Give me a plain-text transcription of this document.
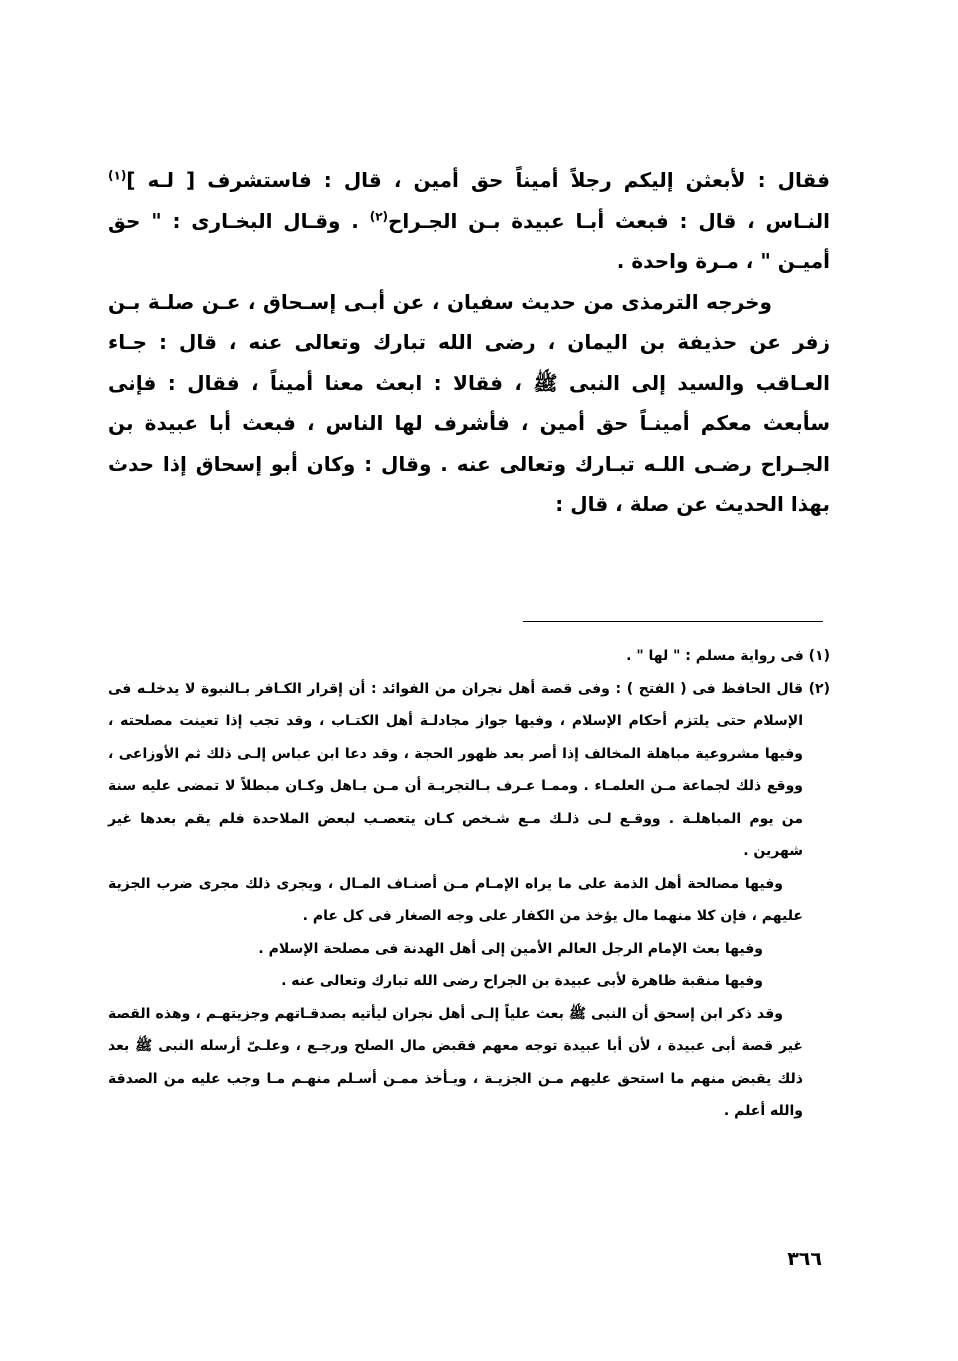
فقال : لأبعثن إليكم رجلاً أميناً حق أمين ، قال : فاستشرف [ لـه ]$^{(١)}$ النـاس ، قال : فبعث أبـا عبيدة بـن الجـراح$^{(٢)}$ . وقـال البخـارى : " حق أميـن " ، مـرة واحدة .

وخرجه الترمذى من حديث سفيان ، عن أبـى إسـحاق ، عـن صلـة بـن زفر عن حذيفة بن اليمان ، رضى الله تبارك وتعالى عنه ، قال : جـاء العـاقب والسيد إلى النبى ﷺ ، فقالا : ابعث معنا أميناً ، فقال : فإنى سأبعث معكم أمينـاً حق أمين ، فأشرف لها الناس ، فبعث أبا عبيدة بن الجـراح رضـى اللـه تبـارك وتعالى عنه . وقال : وكان أبو إسحاق إذا حدث بهذا الحديث عن صلة ، قال :

(١) فى رواية مسلم : " لها " .

(٢) قال الحافظ فى ( الفتح ) : وفى قصة أهل نجران من الفوائد : أن إقرار الكـافر بـالنبوة لا يدخلـه فى الإسلام حتى يلتزم أحكام الإسلام ، وفيها جواز مجادلـة أهل الكتـاب ، وقد تجب إذا تعينت مصلحته ، وفيها مشروعية مباهلة المخالف إذا أصر بعد ظهور الحجة ، وقد دعا ابن عباس إلـى ذلك ثم الأوزاعى ، ووقع ذلك لجماعة مـن العلمـاء . وممـا عـرف بـالتجربـة أن مـن بـاهل وكـان مبطلاً لا تمضى عليه سنة من يوم المباهلـة . ووقـع لـى ذلـك مـع شـخص كـان يتعصـب لبعض الملاحدة فلم يقم بعدها غير شهرين .

وفيها مصالحة أهل الذمة على ما يراه الإمـام مـن أصنـاف المـال ، ويجرى ذلك مجرى ضرب الجزية عليهم ، فإن كلا منهما مال يؤخذ من الكفار على وجه الصغار فى كل عام .

وفيها بعث الإمام الرجل العالم الأمين إلى أهل الهدنة فى مصلحة الإسلام .

وفيها منقبة ظاهرة لأبى عبيدة بن الجراح رضى الله تبارك وتعالى عنه .

وقد ذكر ابن إسحق أن النبى ﷺ بعث علياً إلـى أهل نجران ليأتيه بصدقـاتهم وجزيتهـم ، وهذه القصة غير قصة أبى عبيدة ، لأن أبا عبيدة توجه معهم فقبض مال الصلح ورجـع ، وعلـىّ أرسله النبى ﷺ بعد ذلك يقبض منهم ما استحق عليهم مـن الجزيـة ، ويـأخذ ممـن أسـلم منهـم مـا وجب عليه من الصدقة والله أعلم .

٣٦٦
